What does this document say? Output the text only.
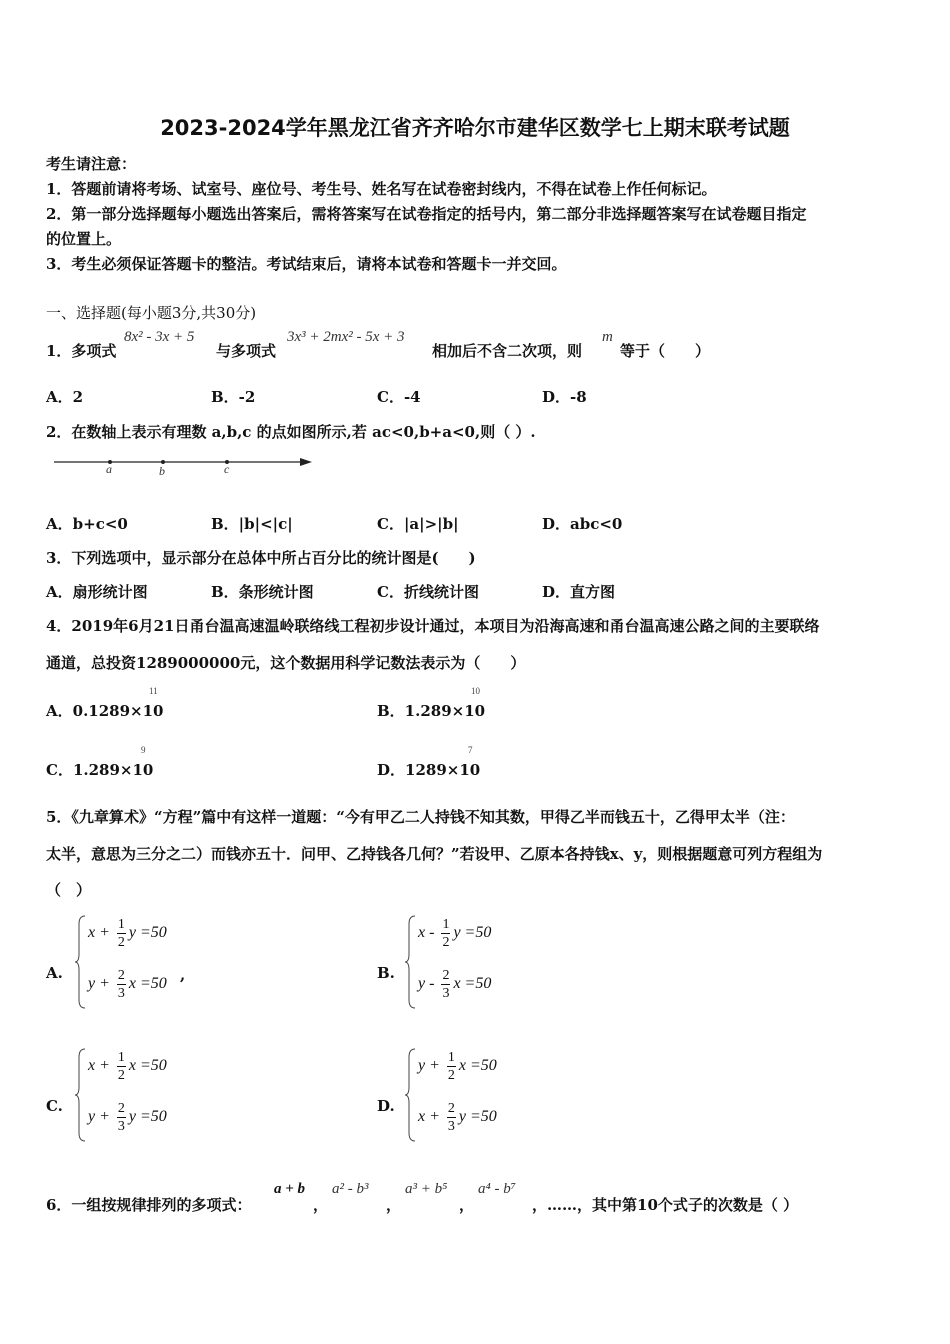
2023-2024学年黑龙江省齐齐哈尔市建华区数学七上期末联考试题
考生请注意：
1．答题前请将考场、试室号、座位号、考生号、姓名写在试卷密封线内，不得在试卷上作任何标记。
2．第一部分选择题每小题选出答案后，需将答案写在试卷指定的括号内，第二部分非选择题答案写在试卷题目指定
的位置上。
3．考生必须保证答题卡的整洁。考试结束后，请将本试卷和答题卡一并交回。
一、选择题(每小题3分,共30分)
1．多项式
8x² - 3x + 5
与多项式
3x³ + 2mx² - 5x + 3
相加后不含二次项，则
m
等于（　　）
A．2	B．-2	C．-4	D．-8
2．在数轴上表示有理数 a,b,c 的点如图所示,若 ac<0,b+a<0,则（ ）.
a	b	c
A．b+c<0	B．|b|<|c|	C．|a|>|b|	D．abc<0
3．下列选项中，显示部分在总体中所占百分比的统计图是(　　)
A．扇形统计图	B．条形统计图	C．折线统计图	D．直方图
4．2019年6月21日甬台温高速温岭联络线工程初步设计通过，本项目为沿海高速和甬台温高速公路之间的主要联络
通道，总投资1289000000元，这个数据用科学记数法表示为（　　）
A．0.1289×10
11
B．1.289×10
10
C．1.289×10
9
D．1289×10
7
5．《九章算术》“方程”篇中有这样一道题：“今有甲乙二人持钱不知其数，甲得乙半而钱五十，乙得甲太半（注：
太半，意思为三分之二）而钱亦五十．问甲、乙持钱各几何？”若设甲、乙原本各持钱x、y，则根据题意可列方程组为
（　）
A.
$x + \frac{1}{2}$ y =50
$y + \frac{2}{3}$ x =50 ,	B.
x - $\frac{1}{2}$ y =50
y - $\frac{2}{3}$ x =50
C.
$x + \frac{1}{2}$ x =50
$y + \frac{2}{3}$ y =50
D.
$y + \frac{1}{2}$ x =50
$x + \frac{2}{3}$ y =50
6．一组按规律排列的多项式：
a + b
，
a² - b³
，
a³ + b⁵
，
a⁴ - b⁷
，……，其中第10个式子的次数是（ ）
